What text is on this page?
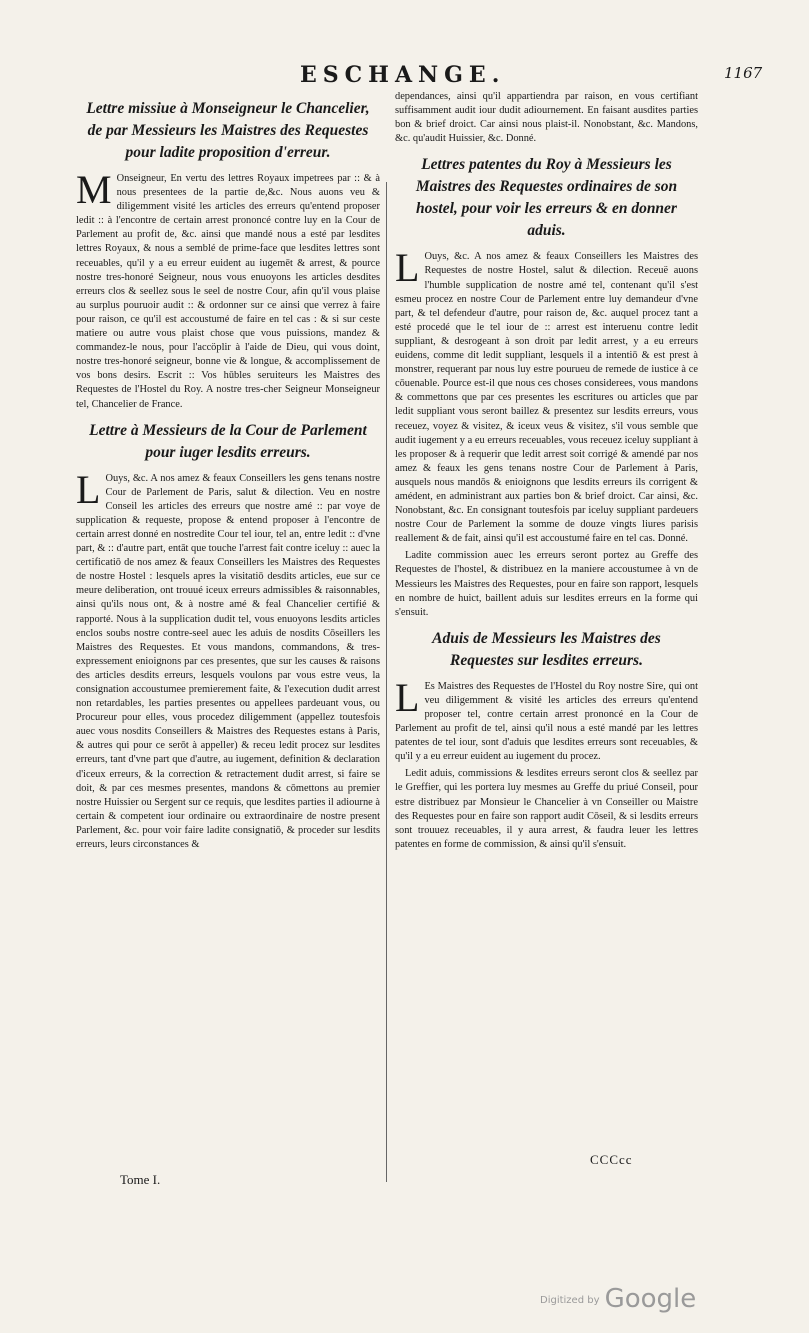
ESCHANGE.	1167
Lettre missiue à Monseigneur le Chancelier, de par Messieurs les Maistres des Requestes pour ladite proposition d'erreur.

M Onseigneur, En vertu des lettres Royaux impetrees par :: & à nous presentees de la partie de,&c. Nous auons veu & diligemment visité les articles des erreurs qu'entend proposer ledit :: à l'encontre de certain arrest prononcé contre luy en la Cour de Parlement au profit de, &c. ainsi que mandé nous a esté par lesdites lettres Royaux, & nous a semblé de prime-face que lesdites lettres sont receuables, qu'il y a eu erreur euident au iugemēt & arrest, & pource nostre tres-honoré Seigneur, nous vous enuoyons les articles desdites erreurs clos & seellez sous le seel de nostre Cour, afin qu'il vous plaise au surplus pouruoir audit :: & ordonner sur ce ainsi que verrez à faire pour raison, ce qu'il est accoustumé de faire en tel cas : & si sur ceste matiere ou autre vous plaist chose que vous puissions, mandez & commandez-le nous, pour l'accöplir à l'aide de Dieu, qui vous doint, nostre tres-honoré seigneur, bonne vie & longue, & accomplissement de vos bons desirs. Escrit :: Vos hūbles seruiteurs les Maistres des Requestes de l'Hostel du Roy. A nostre tres-cher Seigneur Monseigneur tel, Chancelier de France.

Lettre à Messieurs de la Cour de Parlement pour iuger lesdits erreurs.

L Ouys, &c. A nos amez & feaux Conseillers les gens tenans nostre Cour de Parlement de Paris, salut & dilection. Veu en nostre Conseil les articles des erreurs que nostre amé :: par voye de supplication & requeste, propose & entend proposer à l'encontre de certain arrest donné en nostredite Cour tel iour, tel an, entre ledit :: d'vne part, & :: d'autre part, entāt que touche l'arrest fait contre iceluy :: auec la certificatiō de nos amez & feaux Conseillers les Maistres des Requestes de nostre Hostel : lesquels apres la visitatiō desdits articles, eue sur ce meure deliberation, ont trouué iceux erreurs admissibles & raisonnables, ainsi qu'ils nous ont, & à nostre amé & feal Chancelier certifié & rapporté. Nous à la supplication dudit tel, vous enuoyons lesdits articles enclos soubs nostre contre-seel auec les aduis de nosdits Cōseillers les Maistres des Requestes. Et vous mandons, commandons, & tres-expressement enioignons par ces presentes, que sur les causes & raisons des articles desdits erreurs, lesquels voulons par vous estre veus, la consignation accoustumee premierement faite, & l'execution dudit arrest non retardables, les parties presentes ou appellees pardeuant vous, ou Procureur pour elles, vous procedez diligemment (appellez toutesfois auec vous nosdits Conseillers & Maistres des Requestes estans à Paris, & autres qui pour ce serōt à appeller) & receu ledit procez sur lesdites erreurs, tant d'vne part que d'autre, au iugement, definition & declaration d'iceux erreurs, & la correction & retractement dudit arrest, si faire se doit, & par ces mesmes presentes, mandons & cōmettons au premier nostre Huissier ou Sergent sur ce requis, que lesdites parties il adiourne à certain & competent iour ordinaire ou extraordinaire de nostre present Parlement, &c. pour voir faire ladite consignatiō, & proceder sur lesdits erreurs, leurs circonstances &

dependances, ainsi qu'il appartiendra par raison, en vous certifiant suffisamment audit iour dudit adiournement. En faisant ausdites parties bon & brief droict. Car ainsi nous plaist-il. Nonobstant, &c. Mandons, &c. qu'audit Huissier, &c. Donné.

Lettres patentes du Roy à Messieurs les Maistres des Requestes ordinaires de son hostel, pour voir les erreurs & en donner aduis.

L Ouys, &c. A nos amez & feaux Conseillers les Maistres des Requestes de nostre Hostel, salut & dilection. Receuë auons l'humble supplication de nostre amé tel, contenant qu'il s'est esmeu procez en nostre Cour de Parlement entre luy demandeur d'vne part, & tel defendeur d'autre, pour raison de, &c. auquel procez tant a esté procedé que le tel iour de :: arrest est interuenu contre ledit suppliant, & desrogeant à son droit par ledit arrest, y a eu erreurs euidens, comme dit ledit suppliant, lesquels il a intentiō & est prest à monstrer, requerant par nous luy estre pourueu de remede de iustice à ce cōuenable. Pource est-il que nous ces choses considerees, vous mandons & commettons que par ces presentes les escritures ou articles que par ledit suppliant vous seront baillez & presentez sur lesdits erreurs, vous receuez, voyez & visitez, & iceux veus & visitez, s'il vous semble que audit iugement y a eu erreurs receuables, vous receuez iceluy suppliant à les proposer & à requerir que ledit arrest soit corrigé & amendé par nos amez & feaux les gens tenans nostre Cour de Parlement à Paris, ausquels nous mandōs & enioignons que lesdits erreurs ils corrigent & amédent, en administrant aux parties bon & brief droict. Car ainsi, &c. Nonobstant, &c. En consignant toutesfois par iceluy suppliant pardeuers nostre Cour de Parlement la somme de douze vingts liures parisis reallement & de fait, ainsi qu'il est accoustumé faire en tel cas. Donné.

Ladite commission auec les erreurs seront portez au Greffe des Requestes de l'hostel, & distribuez en la maniere accoustumee à vn de Messieurs les Maistres des Requestes, pour en faire son rapport, lesquels en nombre de huict, baillent aduis sur lesdites erreurs en la forme qui s'ensuit.

Aduis de Messieurs les Maistres des Requestes sur lesdites erreurs.

L Es Maistres des Requestes de l'Hostel du Roy nostre Sire, qui ont veu diligemment & visité les articles des erreurs qu'entend proposer tel, contre certain arrest prononcé en la Cour de Parlement au profit de tel, ainsi qu'il nous a esté mandé par les lettres patentes de tel iour, sont d'aduis que lesdites erreurs sont receuables, & qu'il y a eu erreur euident au iugement du procez.

Ledit aduis, commissions & lesdites erreurs seront clos & seellez par le Greffier, qui les portera luy mesmes au Greffe du priué Conseil, pour estre distribuez par Monsieur le Chancelier à vn Conseiller ou Maistre des Requestes pour en faire son rapport audit Cōseil, & si lesdits erreurs sont trouuez receuables, il y aura arrest, & faudra leuer les lettres patentes en forme de commission, & ainsi qu'il s'ensuit.

Tome I.
CCCcc
$^{Digitized by}$ Google
